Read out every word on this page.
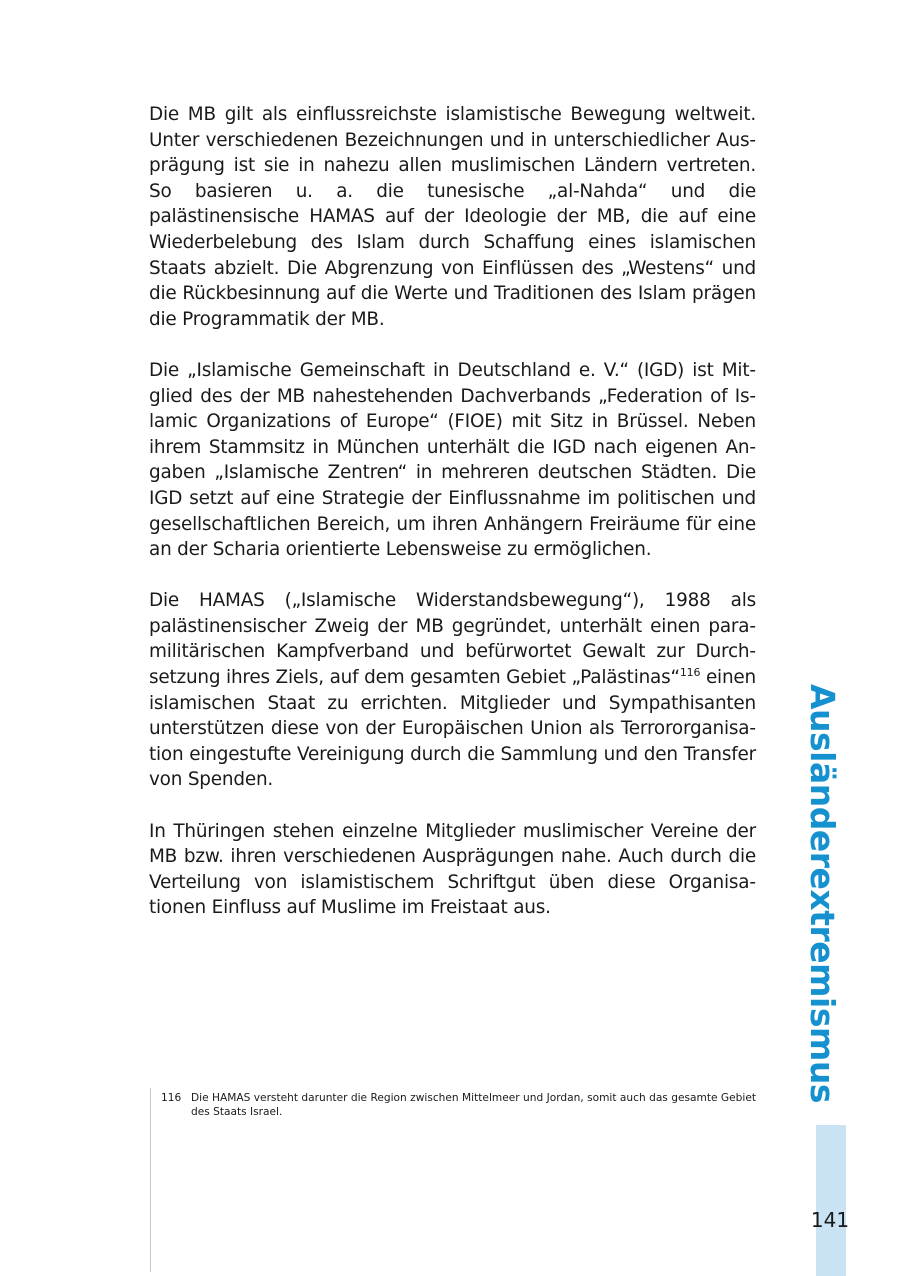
Die MB gilt als einflussreichste islamistische Bewegung weltweit. Unter verschiedenen Bezeichnungen und in unterschiedlicher Ausprägung ist sie in nahezu allen muslimischen Ländern vertreten. So basieren u. a. die tunesische „al-Nahda“ und die palästinensische HAMAS auf der Ideologie der MB, die auf eine Wiederbelebung des Islam durch Schaffung eines islamischen Staats abzielt. Die Abgrenzung von Einflüssen des „Westens“ und die Rückbesinnung auf die Werte und Traditionen des Islam prägen die Programmatik der MB.

Die „Islamische Gemeinschaft in Deutschland e. V.“ (IGD) ist Mitglied des der MB nahestehenden Dachverbands „Federation of Islamic Organizations of Europe“ (FIOE) mit Sitz in Brüssel. Neben ihrem Stammsitz in München unterhält die IGD nach eigenen Angaben „Islamische Zentren“ in mehreren deutschen Städten. Die IGD setzt auf eine Strategie der Einflussnahme im politischen und gesellschaftlichen Bereich, um ihren Anhängern Freiräume für eine an der Scharia orientierte Lebensweise zu ermöglichen.

Die HAMAS („Islamische Widerstandsbewegung“), 1988 als palästinensischer Zweig der MB gegründet, unterhält einen paramilitärischen Kampfverband und befürwortet Gewalt zur Durchsetzung ihres Ziels, auf dem gesamten Gebiet „Palästinas“$^{116}$ einen islamischen Staat zu errichten. Mitglieder und Sympathisanten unterstützen diese von der Europäischen Union als Terrororganisation eingestufte Vereinigung durch die Sammlung und den Transfer von Spenden.

In Thüringen stehen einzelne Mitglieder muslimischer Vereine der MB bzw. ihren verschiedenen Ausprägungen nahe. Auch durch die Verteilung von islamistischem Schriftgut üben diese Organisationen Einfluss auf Muslime im Freistaat aus.

116 Die HAMAS versteht darunter die Region zwischen Mittelmeer und Jordan, somit auch das gesamte Gebiet des Staats Israel.
Ausländerextremismus
141
